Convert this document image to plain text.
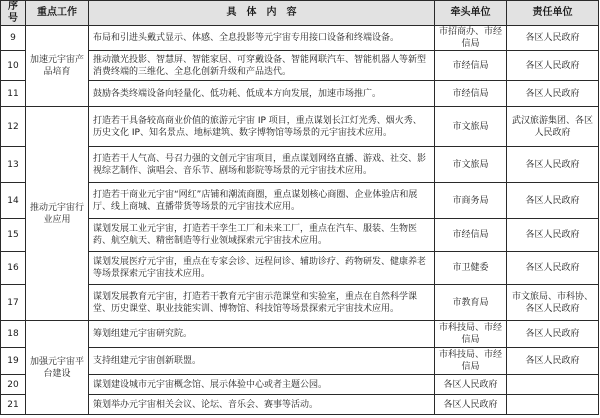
序号	重点工作	具　体　内　容	牵头单位	责任单位
9	加速元宇宙产品培育	布局和引进头戴式显示、体感、全息投影等元宇宙专用接口设备和终端设备。	市招商办、市经信局	各区人民政府
10		推动激光投影、智慧屏、智能家居、可穿戴设备、智能网联汽车、智能机器人等新型消费终端的三维化、全息化创新升级和产品迭代。	市经信局	各区人民政府
11		鼓励各类终端设备向轻量化、低功耗、低成本方向发展，加速市场推广。	市经信局	各区人民政府
12	推动元宇宙行业应用	打造若干具备较高商业价值的旅游元宇宙 IP 项目，重点谋划长江灯光秀、烟火秀、历史文化 IP、知名景点、地标建筑、数字博物馆等场景的元宇宙技术应用。	市文旅局	武汉旅游集团、各区人民政府
13		打造若干人气高、号召力强的文创元宇宙项目，重点谋划网络直播、游戏、社交、影视综艺制作、演唱会、音乐节、剧场和影院等场景的元宇宙技术应用。	市文旅局	各区人民政府
14		打造若干商业元宇宙“网红”店铺和潮流商圈，重点谋划核心商圈、企业体验店和展厅、线上商城、直播带货等场景的元宇宙技术应用。	市商务局	各区人民政府
15		谋划发展工业元宇宙，打造若干孪生工厂和未来工厂，重点在汽车、服装、生物医药、航空航天、精密制造等行业领域探索元宇宙技术应用。	市经信局	各区人民政府
16		谋划发展医疗元宇宙，重点在专家会诊、远程问诊、辅助诊疗、药物研发、健康养老等场景探索元宇宙技术应用。	市卫健委	各区人民政府
17		谋划发展教育元宇宙，打造若干教育元宇宙示范课堂和实验室，重点在自然科学课堂、历史课堂、职业技能实训、博物馆、科技馆等场景探索元宇宙技术应用。	市教育局	市文旅局、市科协、各区人民政府
18	加强元宇宙平台建设	筹划组建元宇宙研究院。	市科技局、市经信局	各区人民政府
19		支持组建元宇宙创新联盟。	市科技局、市经信局	各区人民政府
20		谋划建设城市元宇宙概念馆、展示体验中心或者主题公园。	各区人民政府	
21		策划举办元宇宙相关会议、论坛、音乐会、赛事等活动。	各区人民政府	
